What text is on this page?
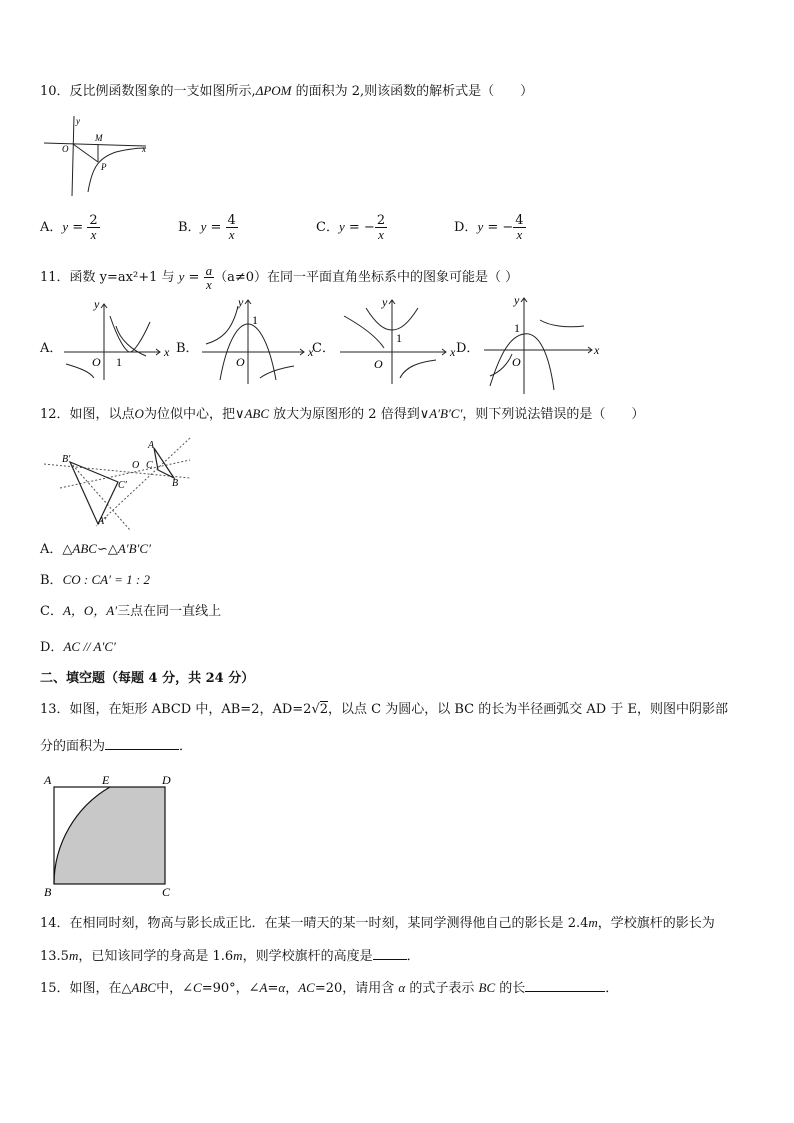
10．反比例函数图象的一支如图所示,ΔPOM 的面积为 2,则该函数的解析式是（　　）
y
x
O
M
P
A．$y = \frac{2}{x}$	B．$y = \frac{4}{x}$	C．y = − $\frac{2}{x}$	D．y = − $\frac{4}{x}$
11．函数 y=ax²+1 与 $y = \frac{a}{x} (a\ne 0)$在同一平面直角坐标系中的图象可能是（ ）
A．
y
x
O 1
B．
y
x
O
1
C．
y
x
O
1
D．
y
x
O
1
12．如图，以点O为位似中心，把∨ABC 放大为原图形的 2 倍得到∨A′B′C′，则下列说法错误的是（　　）
B′
O C
A
B
C′
A′
A．△ABC∽△A′B′C′
B．CO : CA′ = 1 : 2
C．A，O，A′三点在同一直线上
D．AC // A′C′
二、填空题（每题 4 分，共 24 分）
13．如图，在矩形 ABCD 中，AB=2，AD=2√2，以点 C 为圆心，以 BC 的长为半径画弧交 AD 于 E，则图中阴影部
分的面积为	．
A	E	D
B	C
14．在相同时刻，物高与影长成正比．在某一晴天的某一时刻，某同学测得他自己的影长是 2.4m，学校旗杆的影长为
13.5m，已知该同学的身高是 1.6m，则学校旗杆的高度是	．
15．如图，在△ABC中，∠C=90°，∠A=α，AC=20，请用含 α 的式子表示 BC 的长	．
